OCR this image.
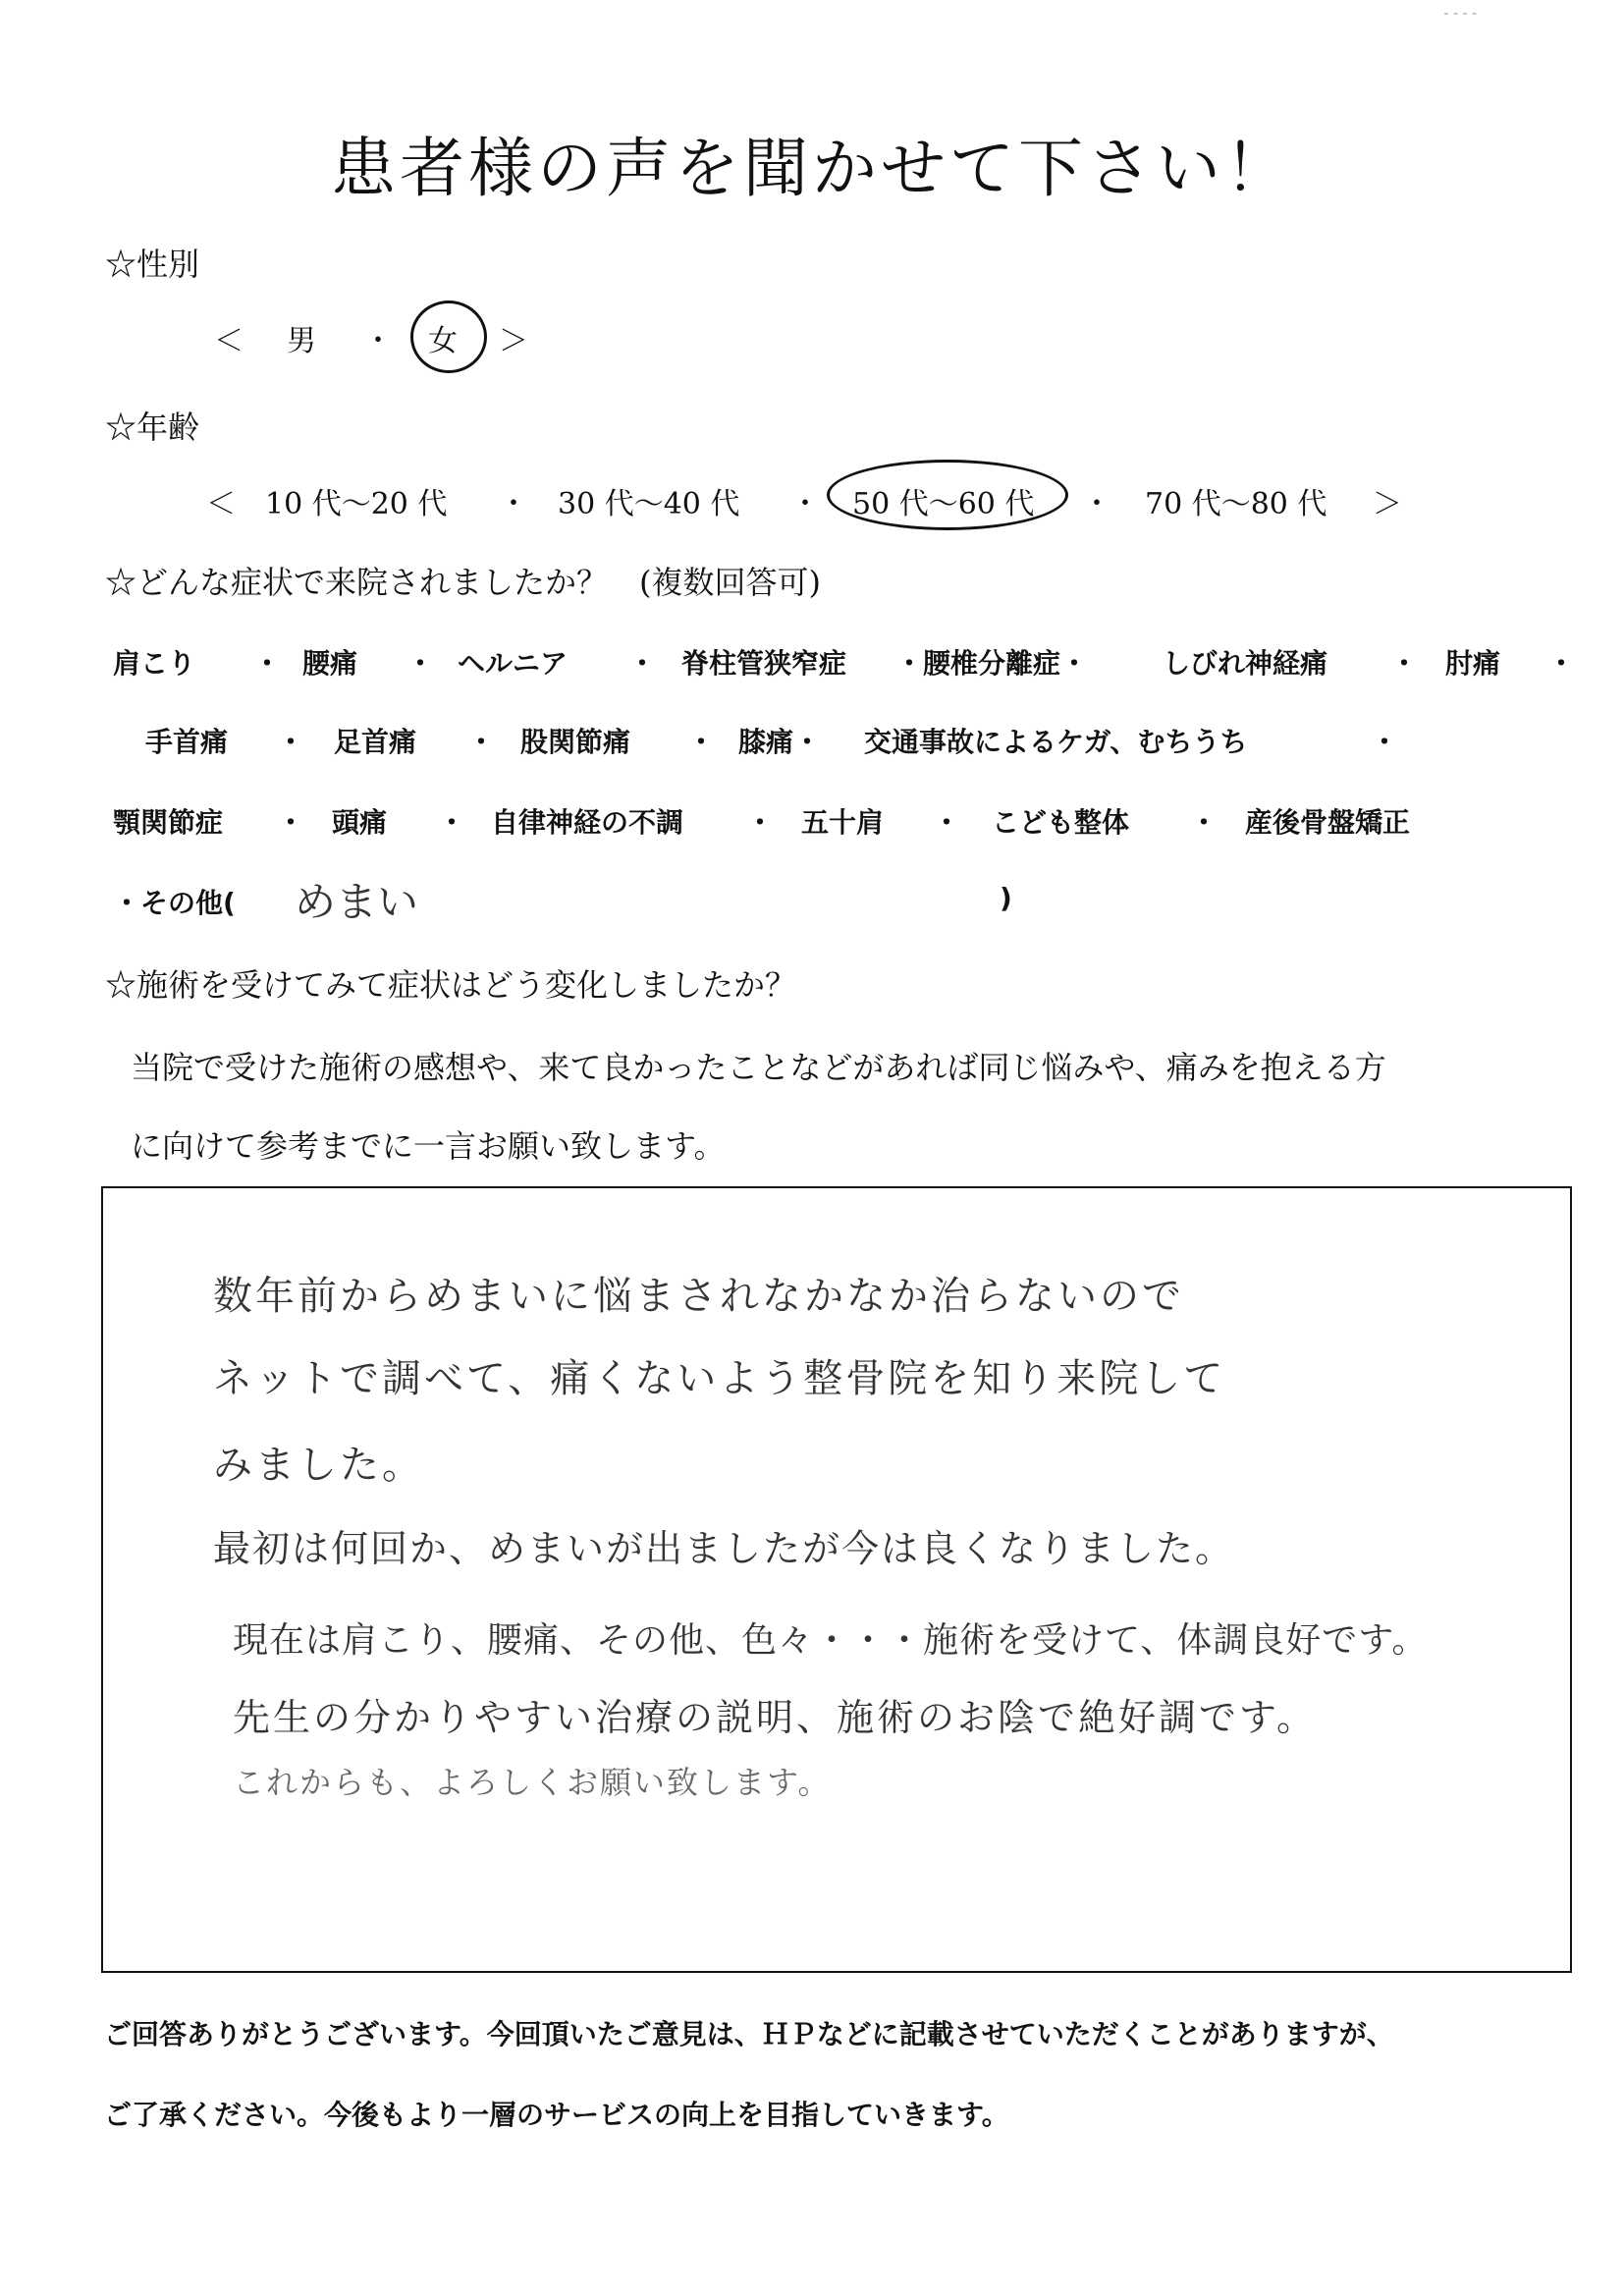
- - - -
患者様の声を聞かせて下さい！
☆性別
＜ 男 ・ 女 ＞
☆年齢
＜ 10 代～20 代 ・ 30 代～40 代 ・ 50 代～60 代 ・ 70 代～80 代 ＞
☆どんな症状で来院されましたか？　(複数回答可)
肩こり ・ 腰痛 ・ ヘルニア ・ 脊柱管狭窄症 ・腰椎分離症・	しびれ神経痛 ・ 肘痛 ・
手首痛 ・ 足首痛 ・ 股関節痛 ・ 膝痛・ 交通事故によるケガ、むちうち	・
顎関節症 ・ 頭痛 ・ 自律神経の不調 ・ 五十肩 ・ こども整体 ・ 産後骨盤矯正
・その他( めまい	)
☆施術を受けてみて症状はどう変化しましたか？
当院で受けた施術の感想や、来て良かったことなどがあれば同じ悩みや、痛みを抱える方
に向けて参考までに一言お願い致します。
数年前からめまいに悩まされなかなか治らないので
ネットで調べて、痛くないよう整骨院を知り来院して
みました。
最初は何回か、めまいが出ましたが今は良くなりました。
現在は肩こり、腰痛、その他、色々・・・施術を受けて、体調良好です。
先生の分かりやすい治療の説明、施術のお陰で絶好調です。
これからも、よろしくお願い致します。
ご回答ありがとうございます。今回頂いたご意見は、ＨＰなどに記載させていただくことがありますが、
ご了承ください。今後もより一層のサービスの向上を目指していきます。
